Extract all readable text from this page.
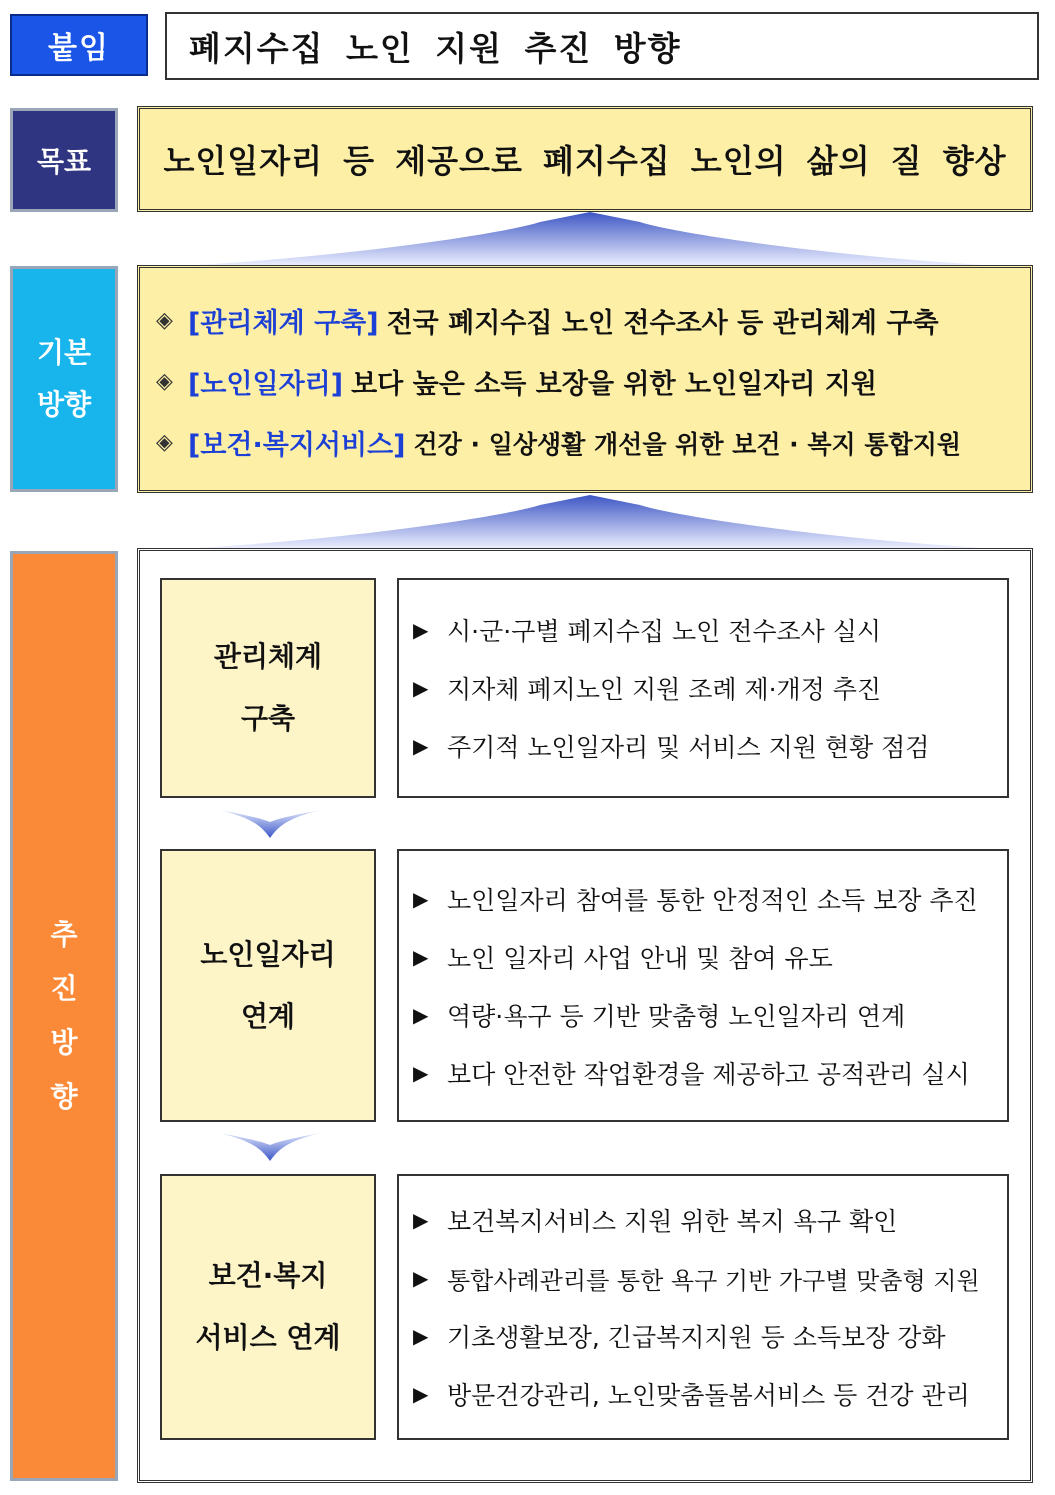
붙임	폐지수집 노인 지원 추진 방향
목표	노인일자리 등 제공으로 폐지수집 노인의 삶의 질 향상
기본
방향
◈ [관리체계 구축] 전국 폐지수집 노인 전수조사 등 관리체계 구축
◈ [노인일자리] 보다 높은 소득 보장을 위한 노인일자리 지원
◈ [보건·복지서비스] 건강 · 일상생활 개선을 위한 보건 · 복지 통합지원
추
진
방
향
관리체계
구축
▶ 시·군·구별 폐지수집 노인 전수조사 실시
▶ 지자체 폐지노인 지원 조례 제·개정 추진
▶ 주기적 노인일자리 및 서비스 지원 현황 점검
노인일자리
연계
▶ 노인일자리 참여를 통한 안정적인 소득 보장 추진
▶ 노인 일자리 사업 안내 및 참여 유도
▶ 역량·욕구 등 기반 맞춤형 노인일자리 연계
▶ 보다 안전한 작업환경을 제공하고 공적관리 실시
보건·복지
서비스 연계
▶ 보건복지서비스 지원 위한 복지 욕구 확인
▶ 통합사례관리를 통한 욕구 기반 가구별 맞춤형 지원
▶ 기초생활보장, 긴급복지지원 등 소득보장 강화
▶ 방문건강관리, 노인맞춤돌봄서비스 등 건강 관리
